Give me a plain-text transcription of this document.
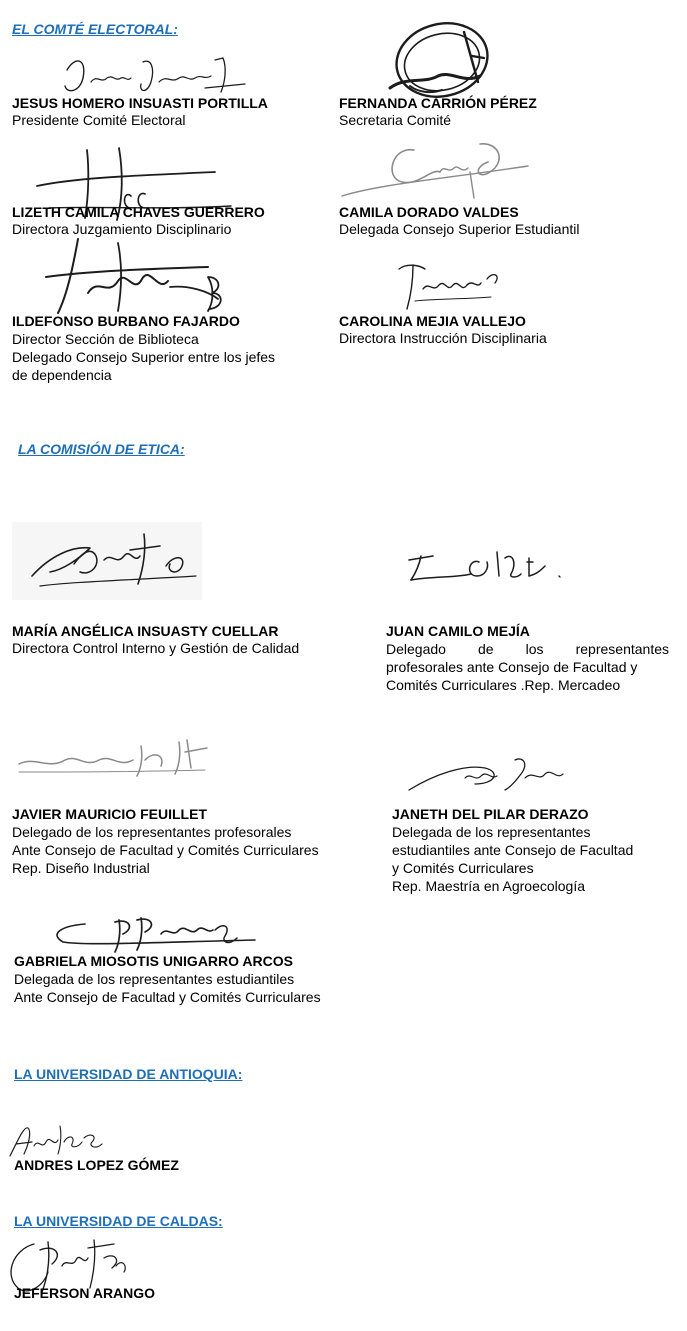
EL COMTÉ ELECTORAL:
JESUS HOMERO INSUASTI PORTILLA
Presidente Comité Electoral
FERNANDA CARRIÓN PÉREZ
Secretaria Comité
LIZETH CAMILA CHAVES GUERRERO
Directora Juzgamiento Disciplinario
CAMILA DORADO VALDES
Delegada Consejo Superior Estudiantil
ILDEFONSO BURBANO FAJARDO
Director Sección de Biblioteca
Delegado Consejo Superior entre los jefes
de dependencia
CAROLINA MEJIA VALLEJO
Directora Instrucción Disciplinaria
LA COMISIÓN DE ETICA:
MARÍA ANGÉLICA INSUASTY CUELLAR
Directora Control Interno y Gestión de Calidad
JUAN CAMILO MEJÍA
Delegado de los representantes
profesorales ante Consejo de Facultad y
Comités Curriculares .Rep. Mercadeo
JAVIER MAURICIO FEUILLET
Delegado de los representantes profesorales
Ante Consejo de Facultad y Comités Curriculares
Rep. Diseño Industrial
JANETH DEL PILAR DERAZO
Delegada de los representantes
estudiantiles ante Consejo de Facultad
y Comités Curriculares
Rep. Maestría en Agroecología
GABRIELA MIOSOTIS UNIGARRO ARCOS
Delegada de los representantes estudiantiles
Ante Consejo de Facultad y Comités Curriculares
LA UNIVERSIDAD DE ANTIOQUIA:
ANDRES LOPEZ GÓMEZ
LA UNIVERSIDAD DE CALDAS:
JEFERSON ARANGO
